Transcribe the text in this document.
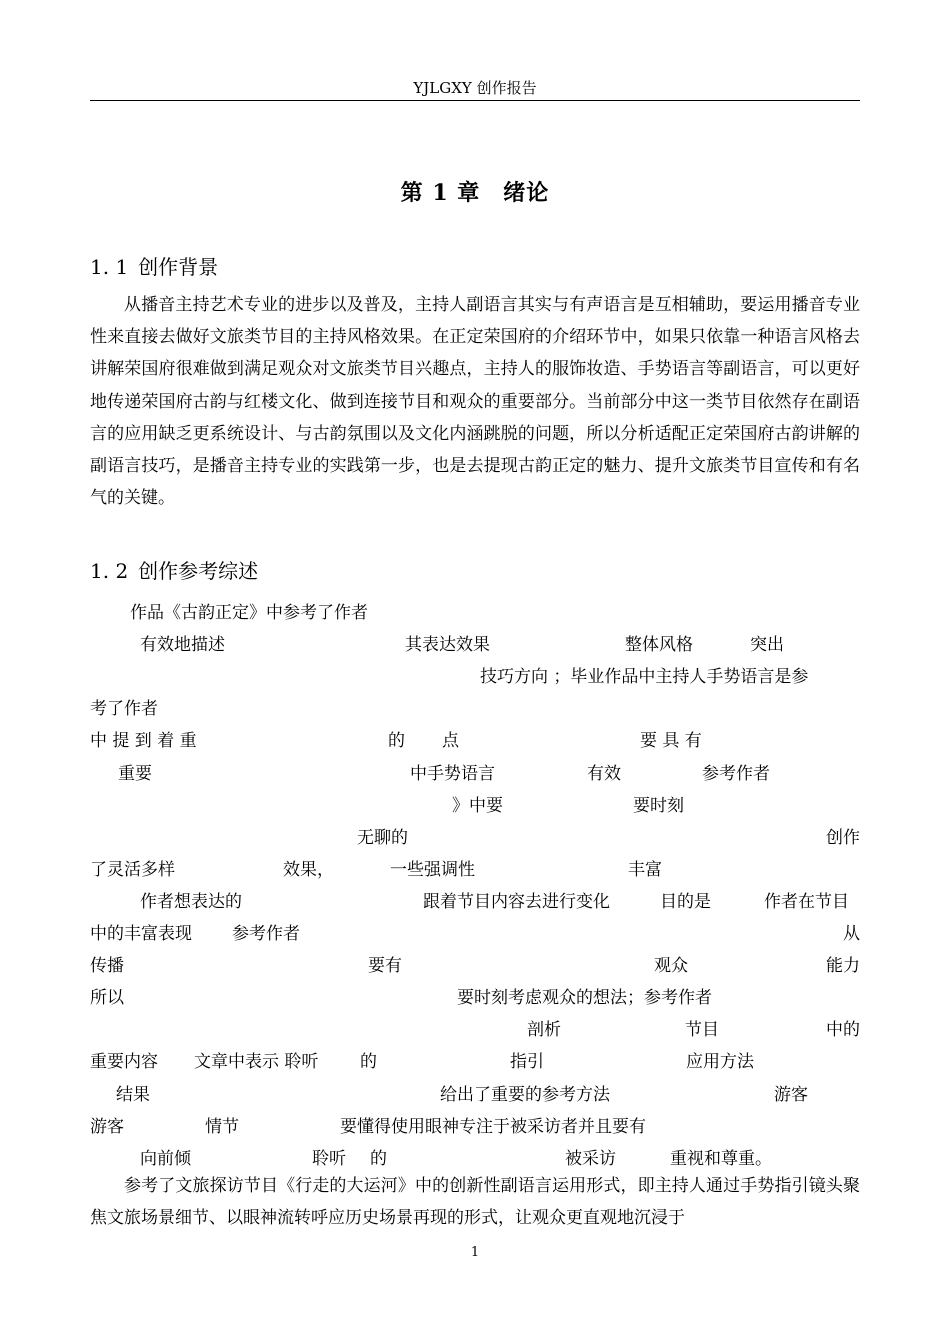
YJLGXY 创作报告
第 1 章　绪论
1. 1 创作背景
从播音主持艺术专业的进步以及普及，主持人副语言其实与有声语言是互相辅助，要运用播音专业性来直接去做好文旅类节目的主持风格效果。在正定荣国府的介绍环节中，如果只依靠一种语言风格去讲解荣国府很难做到满足观众对文旅类节目兴趣点，主持人的服饰妆造、手势语言等副语言，可以更好地传递荣国府古韵与红楼文化、做到连接节目和观众的重要部分。当前部分中这一类节目依然存在副语言的应用缺乏更系统设计、与古韵氛围以及文化内涵跳脱的问题，所以分析适配正定荣国府古韵讲解的副语言技巧，是播音主持专业的实践第一步，也是去提现古韵正定的魅力、提升文旅类节目宣传和有名气的关键。
1. 2 创作参考综述
作品《古韵正定》中参考了作者
有效地描述	其表达效果	整体风格	突出
技巧方向 ；毕业作品中主持人手势语言是参
考了作者
中 提 到 着 重	的 点	要 具 有
重要	中手势语言	有效	参考作者
》中要	要时刻
无聊的	创作
了灵活多样	效果，	一些强调性	丰富
作者想表达的	跟着节目内容去进行变化	目的是	作者在节目
中的丰富表现 参考作者	从
传播	要有	观众	能力
所以	要时刻考虑观众的想法；参考作者
剖析	节目	中的
重要内容 文章中表示 聆听 的	指引	应用方法
结果	给出了重要的参考方法	游客
游客	情节	要懂得使用眼神专注于被采访者并且要有
向前倾	聆听 的	被采访	重视和尊重。
参考了文旅探访节目《行走的大运河》中的创新性副语言运用形式，即主持人通过手势指引镜头聚焦文旅场景细节、以眼神流转呼应历史场景再现的形式，让观众更直观地沉浸于
1
